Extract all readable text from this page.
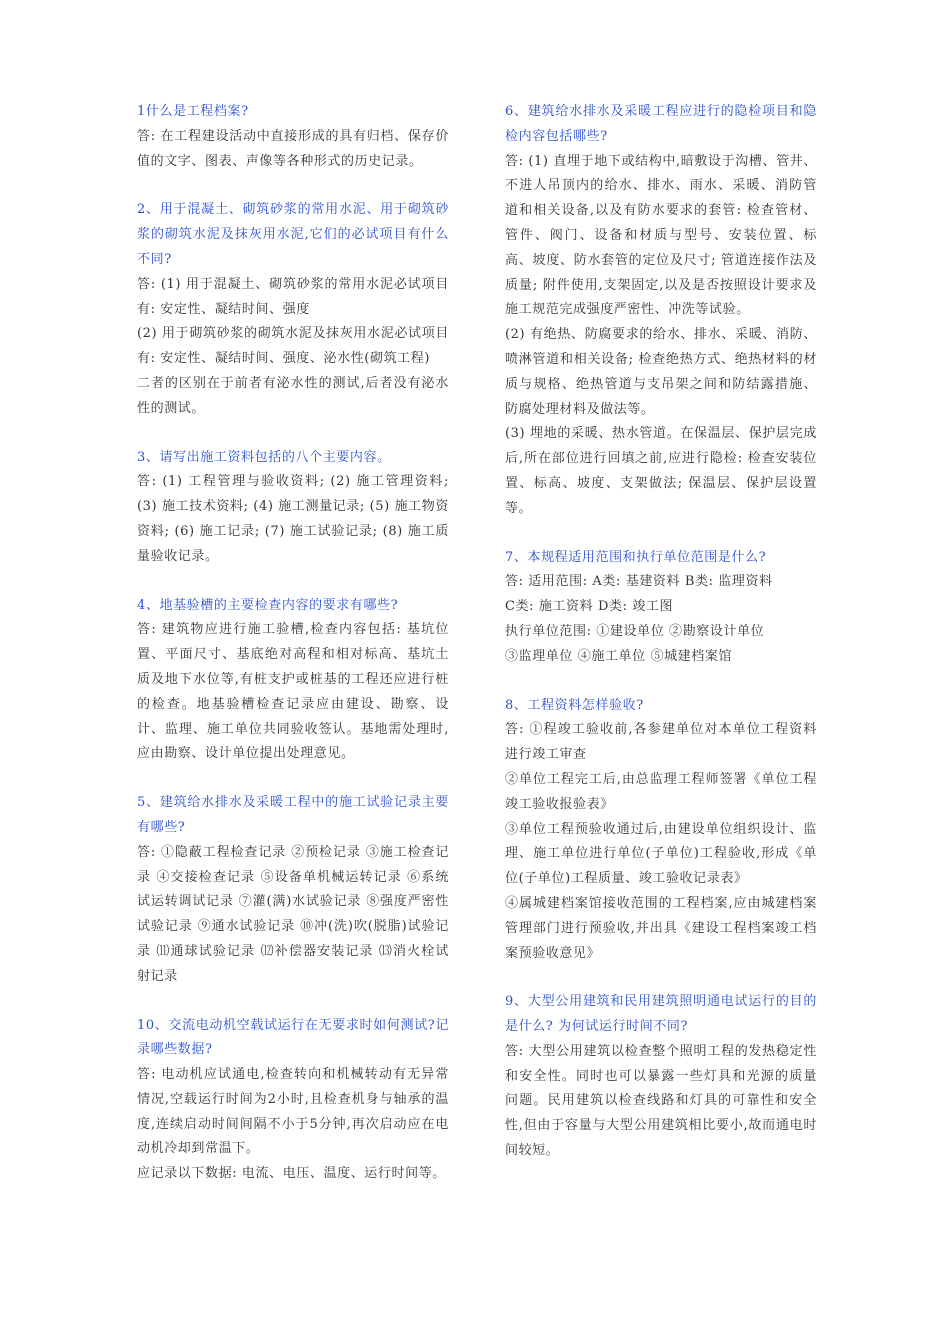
1什么是工程档案?

答: 在工程建设活动中直接形成的具有归档、保存价值的文字、图表、声像等各种形式的历史记录。

2、用于混凝土、砌筑砂浆的常用水泥、用于砌筑砂浆的砌筑水泥及抹灰用水泥,它们的必试项目有什么不同?

答: (1) 用于混凝土、砌筑砂浆的常用水泥必试项目有: 安定性、凝结时间、强度

(2) 用于砌筑砂浆的砌筑水泥及抹灰用水泥必试项目有: 安定性、凝结时间、强度、泌水性(砌筑工程)

二者的区别在于前者有泌水性的测试,后者没有泌水性的测试。

3、请写出施工资料包括的八个主要内容。

答: (1) 工程管理与验收资料; (2) 施工管理资料; (3) 施工技术资料; (4) 施工测量记录; (5) 施工物资资料; (6) 施工记录; (7) 施工试验记录; (8) 施工质量验收记录。

4、地基验槽的主要检查内容的要求有哪些?

答: 建筑物应进行施工验槽,检查内容包括: 基坑位置、平面尺寸、基底绝对高程和相对标高、基坑土质及地下水位等,有桩支护或桩基的工程还应进行桩的检查。地基验槽检查记录应由建设、勘察、设计、监理、施工单位共同验收签认。基地需处理时,应由勘察、设计单位提出处理意见。

5、建筑给水排水及采暖工程中的施工试验记录主要有哪些?

答: ①隐蔽工程检查记录 ②预检记录 ③施工检查记录 ④交接检查记录 ⑤设备单机械运转记录 ⑥系统试运转调试记录 ⑦灌(满)水试验记录 ⑧强度严密性试验记录 ⑨通水试验记录 ⑩冲(洗)吹(脱脂)试验记录 ⑾通球试验记录 ⑿补偿器安装记录 ⒀消火栓试射记录

10、交流电动机空载试运行在无要求时如何测试?记录哪些数据?

答: 电动机应试通电,检查转向和机械转动有无异常情况,空载运行时间为2小时,且检查机身与轴承的温度,连续启动时间间隔不小于5分钟,再次启动应在电动机冷却到常温下。

应记录以下数据: 电流、电压、温度、运行时间等。

6、建筑给水排水及采暖工程应进行的隐检项目和隐检内容包括哪些?

答: (1) 直埋于地下或结构中,暗敷设于沟槽、管井、不进人吊顶内的给水、排水、雨水、采暖、消防管道和相关设备,以及有防水要求的套管: 检查管材、管件、阀门、设备和材质与型号、安装位置、标高、坡度、防水套管的定位及尺寸; 管道连接作法及质量; 附件使用,支架固定,以及是否按照设计要求及施工规范完成强度严密性、冲洗等试验。

(2) 有绝热、防腐要求的给水、排水、采暖、消防、喷淋管道和相关设备; 检查绝热方式、绝热材料的材质与规格、绝热管道与支吊架之间和防结露措施、防腐处理材料及做法等。

(3) 埋地的采暖、热水管道。在保温层、保护层完成后,所在部位进行回填之前,应进行隐检: 检查安装位置、标高、坡度、支架做法; 保温层、保护层设置等。

7、本规程适用范围和执行单位范围是什么?

答: 适用范围: A类: 基建资料 B类: 监理资料

C类: 施工资料 D类: 竣工图

执行单位范围: ①建设单位 ②勘察设计单位

③监理单位 ④施工单位 ⑤城建档案馆

8、工程资料怎样验收?

答: ①程竣工验收前,各参建单位对本单位工程资料进行竣工审查

②单位工程完工后,由总监理工程师签署《单位工程竣工验收报验表》

③单位工程预验收通过后,由建设单位组织设计、监理、施工单位进行单位(子单位)工程验收,形成《单位(子单位)工程质量、竣工验收记录表》

④属城建档案馆接收范围的工程档案,应由城建档案管理部门进行预验收,并出具《建设工程档案竣工档案预验收意见》

9、大型公用建筑和民用建筑照明通电试运行的目的是什么? 为何试运行时间不同?

答: 大型公用建筑以检查整个照明工程的发热稳定性和安全性。同时也可以暴露一些灯具和光源的质量问题。民用建筑以检查线路和灯具的可靠性和安全性,但由于容量与大型公用建筑相比要小,故而通电时间较短。
